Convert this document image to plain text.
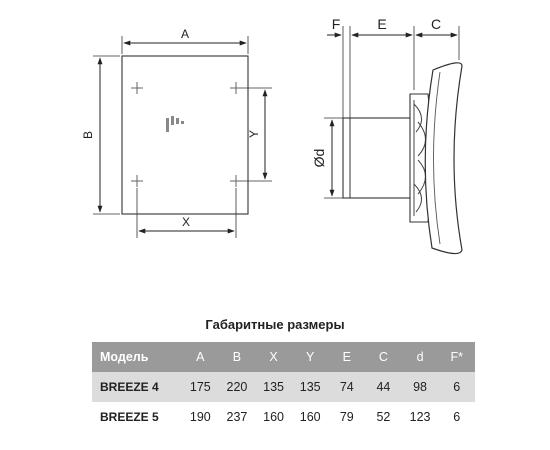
A
B
X
Y
F	E	C
Ød
Габаритные размеры
Модель	A	B	X	Y	E	C	d	F*
BREEZE 4	175	220	135	135	74	44	98	6
BREEZE 5	190	237	160	160	79	52	123	6
